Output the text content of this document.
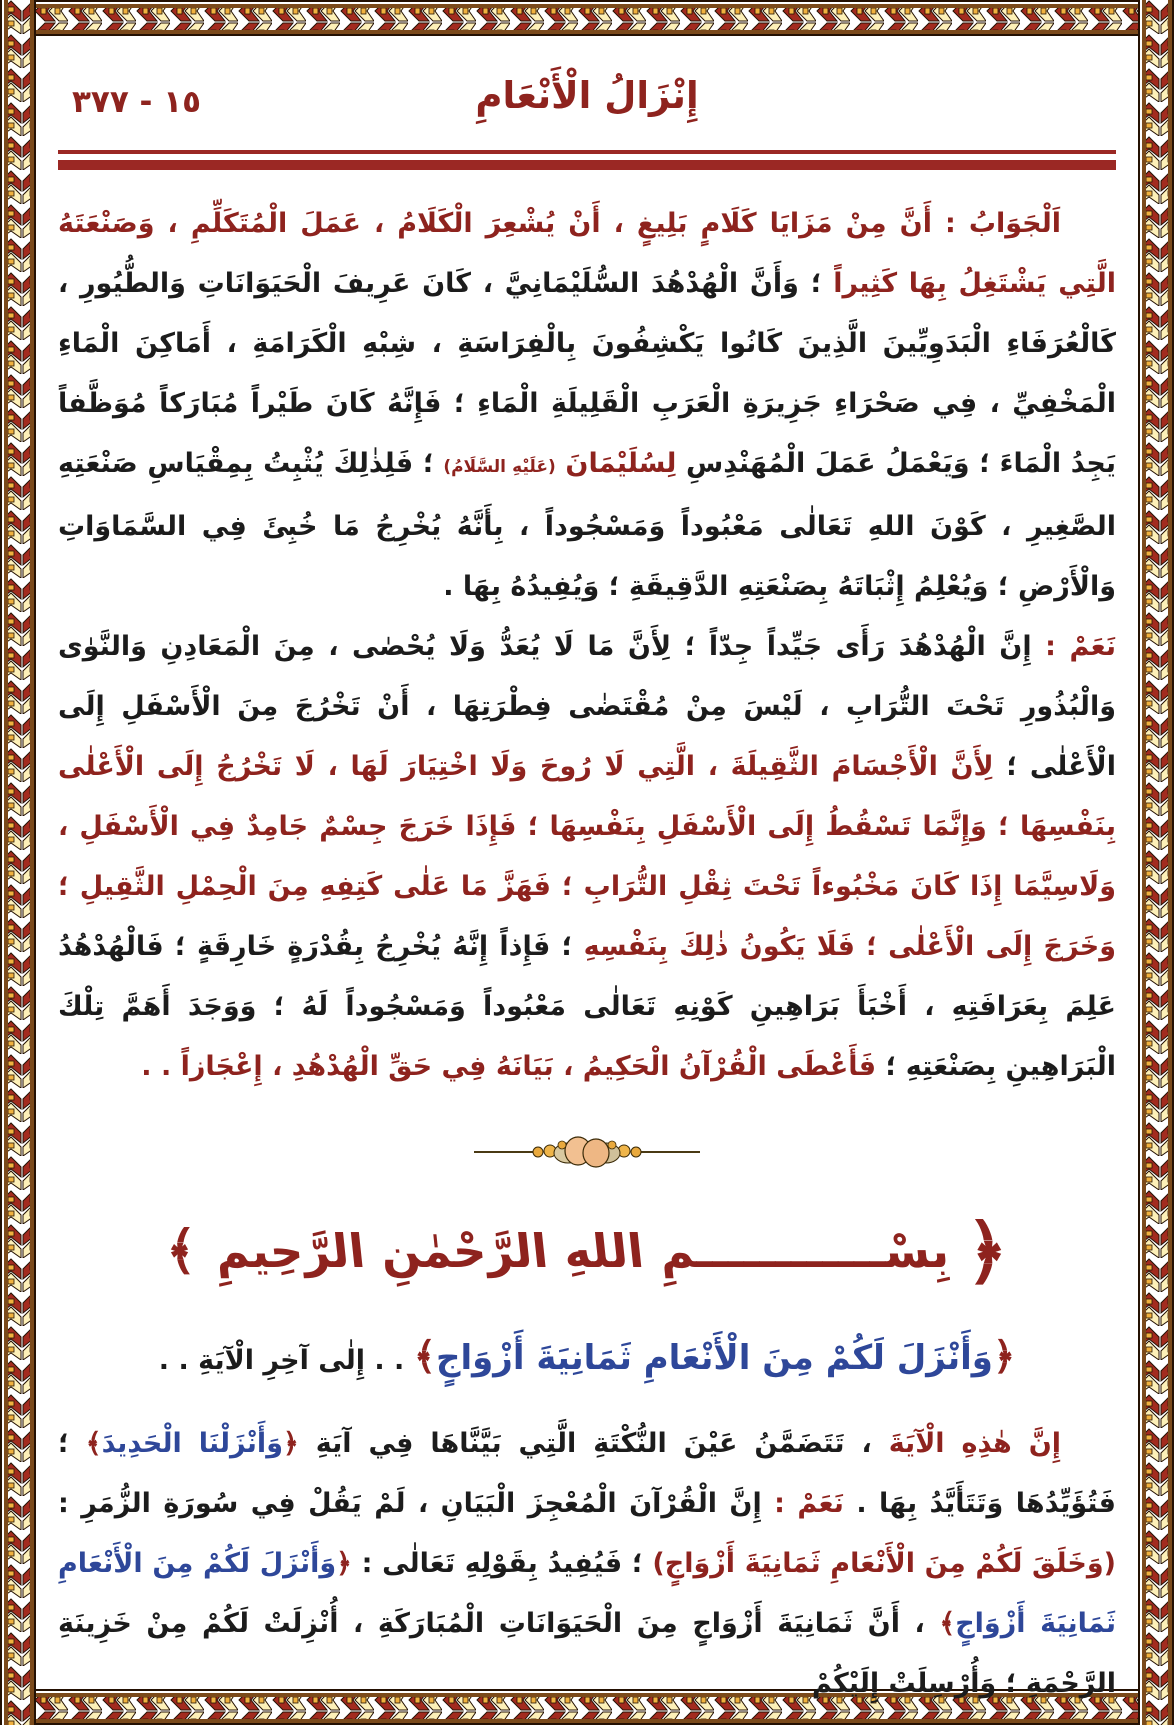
١٥ - ٣٧٧	إِنْزَالُ الْأَنْعَامِ

اَلْجَوَابُ : أَنَّ مِنْ مَزَايَا كَلَامٍ بَلِيغٍ ، أَنْ يُشْعِرَ الْكَلَامُ ، عَمَلَ الْمُتَكَلِّمِ ، وَصَنْعَتَهُ الَّتِي يَشْتَغِلُ بِهَا كَثِيراً ؛ وَأَنَّ الْهُدْهُدَ السُّلَيْمَانِيَّ ، كَانَ عَرِيفَ الْحَيَوَانَاتِ وَالطُّيُورِ ، كَالْعُرَفَاءِ الْبَدَوِيِّينَ الَّذِينَ كَانُوا يَكْشِفُونَ بِالْفِرَاسَةِ ، شِبْهِ الْكَرَامَةِ ، أَمَاكِنَ الْمَاءِ الْمَخْفِيِّ ، فِي صَحْرَاءِ جَزِيرَةِ الْعَرَبِ الْقَلِيلَةِ الْمَاءِ ؛ فَإِنَّهُ كَانَ طَيْراً مُبَارَكاً مُوَظَّفاً يَجِدُ الْمَاءَ ؛ وَيَعْمَلُ عَمَلَ الْمُهَنْدِسِ لِسُلَيْمَانَ (عَلَيْهِ السَّلَامُ) ؛ فَلِذٰلِكَ يُثْبِتُ بِمِقْيَاسِ صَنْعَتِهِ الصَّغِيرِ ، كَوْنَ اللهِ تَعَالٰى مَعْبُوداً وَمَسْجُوداً ، بِأَنَّهُ يُخْرِجُ مَا خُبِئَ فِي السَّمَاوَاتِ وَالْأَرْضِ ؛ وَيُعْلِمُ إِثْبَاتَهُ بِصَنْعَتِهِ الدَّقِيقَةِ ؛ وَيُفِيدُهُ بِهَا .

نَعَمْ : إِنَّ الْهُدْهُدَ رَأَى جَيِّداً جِدّاً ؛ لِأَنَّ مَا لَا يُعَدُّ وَلَا يُحْصٰى ، مِنَ الْمَعَادِنِ وَالنَّوٰى وَالْبُذُورِ تَحْتَ التُّرَابِ ، لَيْسَ مِنْ مُقْتَضٰى فِطْرَتِهَا ، أَنْ تَخْرُجَ مِنَ الْأَسْفَلِ إِلَى الْأَعْلٰى ؛ لِأَنَّ الْأَجْسَامَ الثَّقِيلَةَ ، الَّتِي لَا رُوحَ وَلَا اخْتِيَارَ لَهَا ، لَا تَخْرُجُ إِلَى الْأَعْلٰى بِنَفْسِهَا ؛ وَإِنَّمَا تَسْقُطُ إِلَى الْأَسْفَلِ بِنَفْسِهَا ؛ فَإِذَا خَرَجَ جِسْمٌ جَامِدٌ فِي الْأَسْفَلِ ، وَلَاسِيَّمَا إِذَا كَانَ مَخْبُوءاً تَحْتَ ثِقْلِ التُّرَابِ ؛ فَهَزَّ مَا عَلٰى كَتِفِهِ مِنَ الْحِمْلِ الثَّقِيلِ ؛ وَخَرَجَ إِلَى الْأَعْلٰى ؛ فَلَا يَكُونُ ذٰلِكَ بِنَفْسِهِ ؛ فَإِذاً إِنَّهُ يُخْرِجُ بِقُدْرَةٍ خَارِقَةٍ ؛ فَالْهُدْهُدُ عَلِمَ بِعَرَافَتِهِ ، أَخْبَأَ بَرَاهِينِ كَوْنِهِ تَعَالٰى مَعْبُوداً وَمَسْجُوداً لَهُ ؛ وَوَجَدَ أَهَمَّ تِلْكَ الْبَرَاهِينِ بِصَنْعَتِهِ ؛ فَأَعْطَى الْقُرْآنُ الْحَكِيمُ ، بَيَانَهُ فِي حَقِّ الْهُدْهُدِ ، إِعْجَازاً . .

﴿
بِسْــــــــــــمِ اللهِ الرَّحْمٰنِ الرَّحِيمِ
﴾
﴿وَأَنْزَلَ لَكُمْ مِنَ الْأَنْعَامِ ثَمَانِيَةَ أَزْوَاجٍ﴾ . . إِلٰى آخِرِ الْآيَةِ . .

إِنَّ هٰذِهِ الْآيَةَ ، تَتَضَمَّنُ عَيْنَ النُّكْتَةِ الَّتِي بَيَّنَّاهَا فِي آيَةِ ﴿وَأَنْزَلْنَا الْحَدِيدَ﴾ ؛ فَتُؤَيِّدُهَا وَتَتَأَيَّدُ بِهَا . نَعَمْ : إِنَّ الْقُرْآنَ الْمُعْجِزَ الْبَيَانِ ، لَمْ يَقُلْ فِي سُورَةِ الزُّمَرِ : (وَخَلَقَ لَكُمْ مِنَ الْأَنْعَامِ ثَمَانِيَةَ أَزْوَاجٍ) ؛ فَيُفِيدُ بِقَوْلِهِ تَعَالٰى : ﴿وَأَنْزَلَ لَكُمْ مِنَ الْأَنْعَامِ ثَمَانِيَةَ أَزْوَاجٍ﴾ ، أَنَّ ثَمَانِيَةَ أَزْوَاجٍ مِنَ الْحَيَوَانَاتِ الْمُبَارَكَةِ ، أُنْزِلَتْ لَكُمْ مِنْ خَزِينَةِ الرَّحْمَةِ ؛ وَأُرْسِلَتْ إِلَيْكُمْ
